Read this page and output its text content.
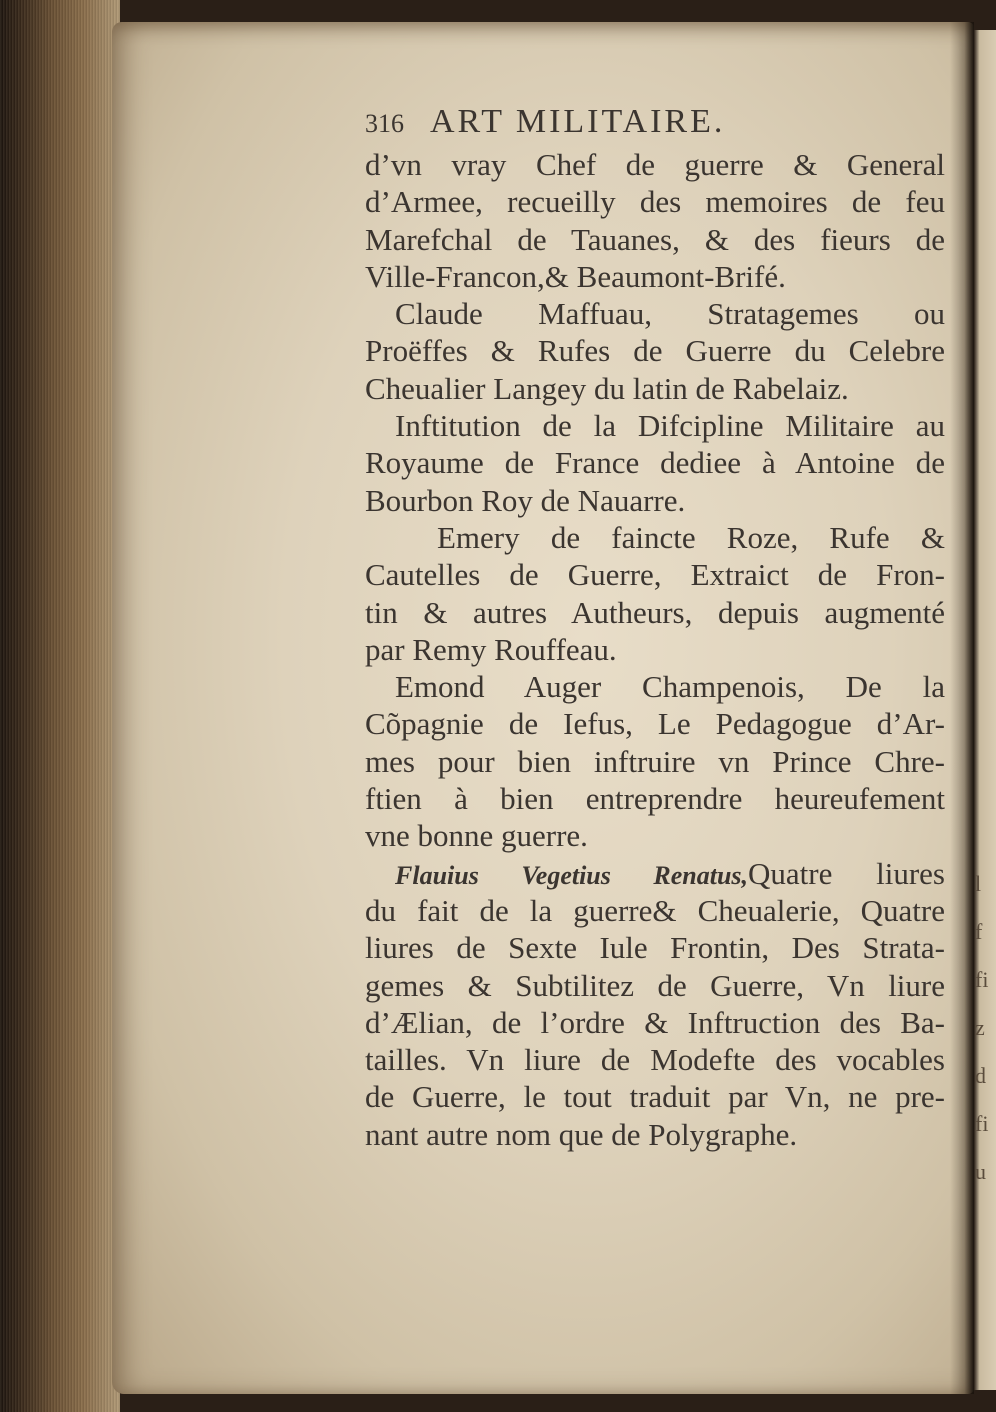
l
f
fi
z
d
fi
u
316 ART MILITAIRE.
d’vn vray Chef de guerre & General
d’Armee, recueilly des memoires de feu
Marefchal de Tauanes, & des fieurs de
Ville-Francon,& Beaumont-Brifé.
Claude Maffuau, Stratagemes ou
Proëffes & Rufes de Guerre du Celebre
Cheualier Langey du latin de Rabelaiz.
Inftitution de la Difcipline Militaire au
Royaume de France dediee à Antoine de
Bourbon Roy de Nauarre.
Emery de faincte Roze, Rufe &
Cautelles de Guerre, Extraict de Fron-
tin & autres Autheurs, depuis augmenté
par Remy Rouffeau.
Emond Auger Champenois, De la
Cõpagnie de Iefus, Le Pedagogue d’Ar-
mes pour bien inftruire vn Prince Chre-
ftien à bien entreprendre heureufement
vne bonne guerre.
Flauius Vegetius Renatus,Quatre liures
du fait de la guerre& Cheualerie, Quatre
liures de Sexte Iule Frontin, Des Strata-
gemes & Subtilitez de Guerre, Vn liure
d’Ælian, de l’ordre & Inftruction des Ba-
tailles. Vn liure de Modefte des vocables
de Guerre, le tout traduit par Vn, ne pre-
nant autre nom que de Polygraphe.
